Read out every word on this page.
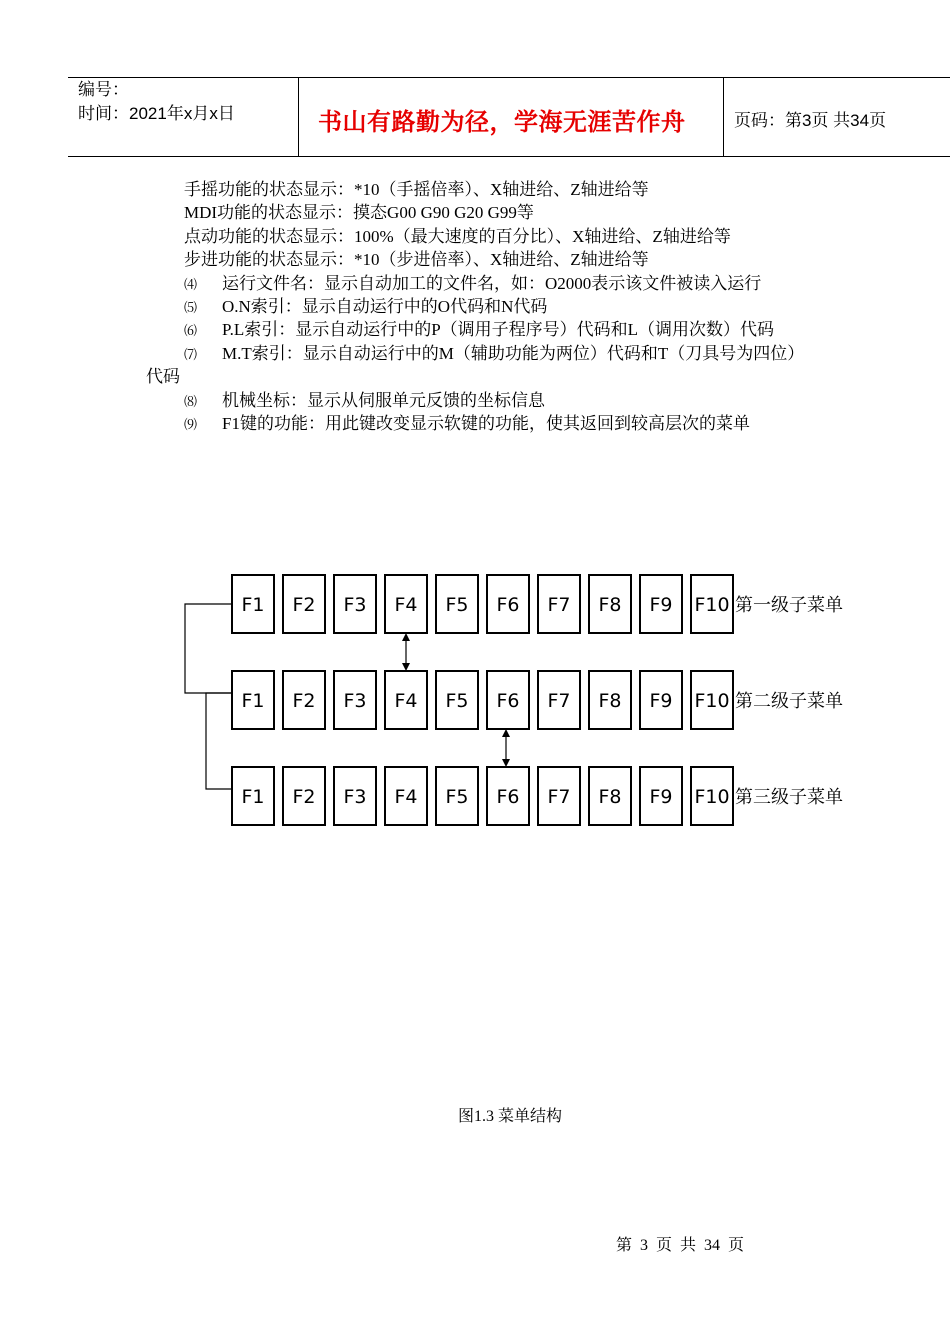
编号：
时间：2021年x月x日	书山有路勤为径，学海无涯苦作舟	页码：第3页 共34页
手摇功能的状态显示：*10（手摇倍率）、X轴进给、Z轴进给等
MDI功能的状态显示：摸态G00 G90 G20 G99等
点动功能的状态显示：100%（最大速度的百分比）、X轴进给、Z轴进给等
步进功能的状态显示：*10（步进倍率）、X轴进给、Z轴进给等
⑷ 运行文件名：显示自动加工的文件名，如：O2000表示该文件被读入运行
⑸ O.N索引：显示自动运行中的O代码和N代码
⑹ P.L索引：显示自动运行中的P（调用子程序号）代码和L（调用次数）代码
⑺ M.T索引：显示自动运行中的M（辅助功能为两位）代码和T（刀具号为四位）
代码
⑻ 机械坐标：显示从伺服单元反馈的坐标信息
⑼ F1键的功能：用此键改变显示软键的功能，使其返回到较高层次的菜单
F1 F2 F3 F4 F5 F6 F7 F8 F9 F10 第一级子菜单
F1 F2 F3 F4 F5 F6 F7 F8 F9 F10 第二级子菜单
F1 F2 F3 F4 F5 F6 F7 F8 F9 F10 第三级子菜单
图1.3 菜单结构
第 3 页 共 34 页
